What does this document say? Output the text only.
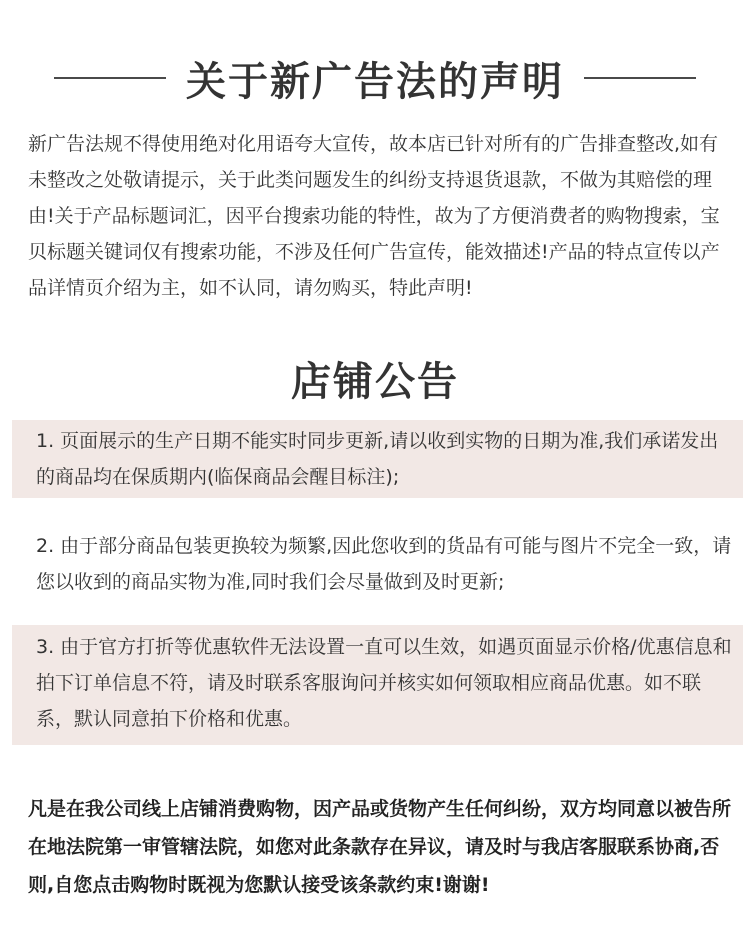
关于新广告法的声明

新广告法规不得使用绝对化用语夸大宣传，故本店已针对所有的广告排查整改,如有未整改之处敬请提示，关于此类问题发生的纠纷支持退货退款，不做为其赔偿的理由!关于产品标题词汇，因平台搜索功能的特性，故为了方便消费者的购物搜索，宝贝标题关键词仅有搜索功能，不涉及任何广告宣传，能效描述!产品的特点宣传以产品详情页介绍为主，如不认同，请勿购买，特此声明!

店铺公告

1. 页面展示的生产日期不能实时同步更新,请以收到实物的日期为准,我们承诺发出的商品均在保质期内(临保商品会醒目标注);

2. 由于部分商品包装更换较为频繁,因此您收到的货品有可能与图片不完全一致，请您以收到的商品实物为准,同时我们会尽量做到及时更新;

3. 由于官方打折等优惠软件无法设置一直可以生效，如遇页面显示价格/优惠信息和拍下订单信息不符，请及时联系客服询问并核实如何领取相应商品优惠。如不联系，默认同意拍下价格和优惠。

凡是在我公司线上店铺消费购物，因产品或货物产生任何纠纷，双方均同意以被告所在地法院第一审管辖法院，如您对此条款存在异议，请及时与我店客服联系协商,否则,自您点击购物时既视为您默认接受该条款约束!谢谢!
